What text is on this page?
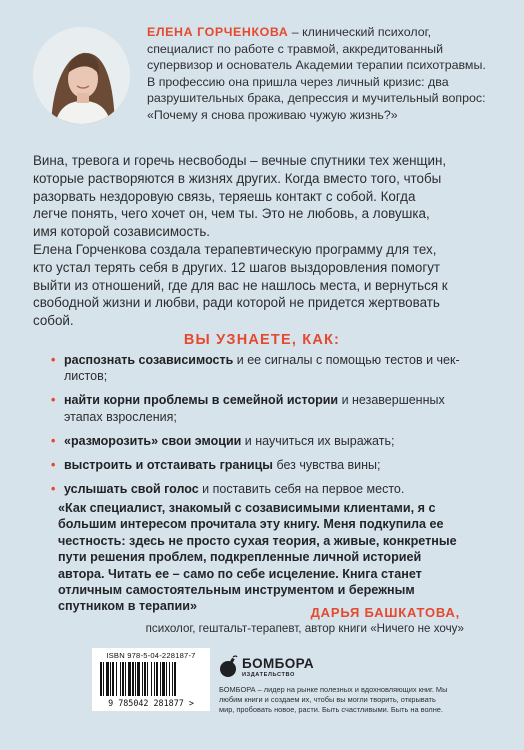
ЕЛЕНА ГОРЧЕНКОВА – клинический психолог, специалист по работе с травмой, аккредитованный супервизор и основатель Академии терапии психотравмы. В профессию она пришла через личный кризис: два разрушительных брака, депрессия и мучительный вопрос: «Почему я снова проживаю чужую жизнь?»

Вина, тревога и горечь несвободы – вечные спутники тех женщин, которые растворяются в жизнях других. Когда вместо того, чтобы разорвать нездоровую связь, теряешь контакт с собой. Когда легче понять, чего хочет он, чем ты. Это не любовь, а ловушка, имя которой созависимость.

Елена Горченкова создала терапевтическую программу для тех, кто устал терять себя в других. 12 шагов выздоровления помогут выйти из отношений, где для вас не нашлось места, и вернуться к свободной жизни и любви, ради которой не придется жертвовать собой.

ВЫ УЗНАЕТЕ, КАК:
• распознать созависимость и ее сигналы с помощью тестов и чек-листов;
• найти корни проблемы в семейной истории и незавершенных этапах взросления;
• «разморозить» свои эмоции и научиться их выражать;
• выстроить и отстаивать границы без чувства вины;
• услышать свой голос и поставить себя на первое место.
«Как специалист, знакомый с созависимыми клиентами, я с большим интересом прочитала эту книгу. Меня подкупила ее честность: здесь не просто сухая теория, а живые, конкретные пути решения проблем, подкрепленные личной историей автора. Читать ее – само по себе исцеление. Книга станет отличным самостоятельным инструментом и бережным спутником в терапии»	ДАРЬЯ БАШКАТОВА,
психолог, гештальт-терапевт, автор книги «Ничего не хочу»
ISBN 978-5-04-228187-7
9 785042 281877 >
БОМБОРА
ИЗДАТЕЛЬСТВО
БОМБОРА – лидер на рынке полезных и вдохновляющих книг. Мы любим книги и создаем их, чтобы вы могли творить, открывать мир, пробовать новое, расти. Быть счастливыми. Быть на волне.
